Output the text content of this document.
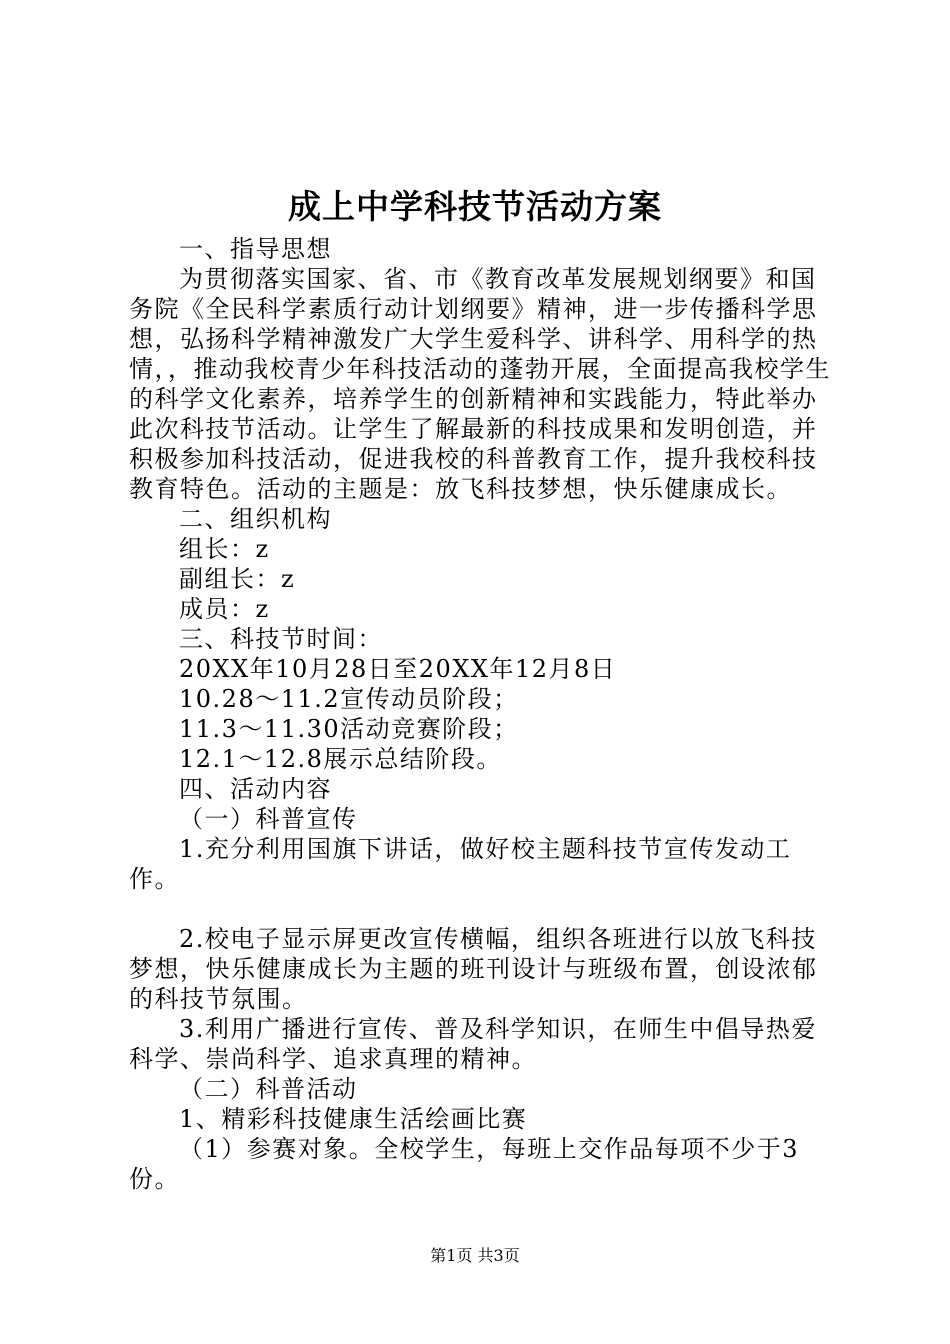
成上中学科技节活动方案

一、指导思想

为贯彻落实国家、省、市《教育改革发展规划纲要》和国务院《全民科学素质行动计划纲要》精神，进一步传播科学思想，弘扬科学精神激发广大学生爱科学、讲科学、用科学的热情，，推动我校青少年科技活动的蓬勃开展，全面提高我校学生的科学文化素养，培养学生的创新精神和实践能力，特此举办此次科技节活动。让学生了解最新的科技成果和发明创造，并积极参加科技活动，促进我校的科普教育工作，提升我校科技教育特色。活动的主题是：放飞科技梦想，快乐健康成长。

二、组织机构

组长：z

副组长：z

成员：z

三、科技节时间：

20XX年10月28日至20XX年12月8日

10.28～11.2宣传动员阶段；

11.3～11.30活动竞赛阶段；

12.1～12.8展示总结阶段。

四、活动内容

（一）科普宣传

1.充分利用国旗下讲话，做好校主题科技节宣传发动工作。

2.校电子显示屏更改宣传横幅，组织各班进行以放飞科技梦想，快乐健康成长为主题的班刊设计与班级布置，创设浓郁的科技节氛围。

3.利用广播进行宣传、普及科学知识，在师生中倡导热爱科学、崇尚科学、追求真理的精神。

（二）科普活动

1、精彩科技健康生活绘画比赛

（1）参赛对象。全校学生，每班上交作品每项不少于3份。

第1页 共3页
